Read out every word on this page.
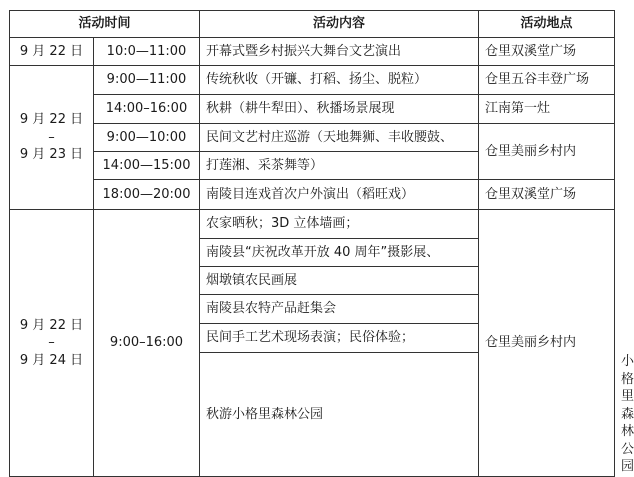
活动时间		活动内容	活动地点	
9 月 22 日	10:0—11:00	开幕式暨乡村振兴大舞台文艺演出	仓里双溪堂广场	

9 月 22 日
–
9 月 23 日	9:00—11:00	传统秋收（开镰、打稻、扬尘、脱粒）	仓里五谷丰登广场	
	14:00–16:00	秋耕（耕牛犁田）、秋播场景展现	江南第一灶	
	9:00—10:00	民间文艺村庄巡游（天地舞狮、丰收腰鼓、	仓里美丽乡村内	
	14:00—15:00	打莲湘、采茶舞等）		
	18:00—20:00	南陵目连戏首次户外演出（稻旺戏）	仓里双溪堂广场	

9 月 22 日
–
9 月 24 日	9:00–16:00	农家晒秋；3D 立体墙画；	仓里美丽乡村内	
		南陵县“庆祝改革开放 40 周年”摄影展、		
		烟墩镇农民画展		
		南陵县农特产品赶集会		
		民间手工艺术现场表演；民俗体验；		
		秋游小格里森林公园		小格里森林公园
